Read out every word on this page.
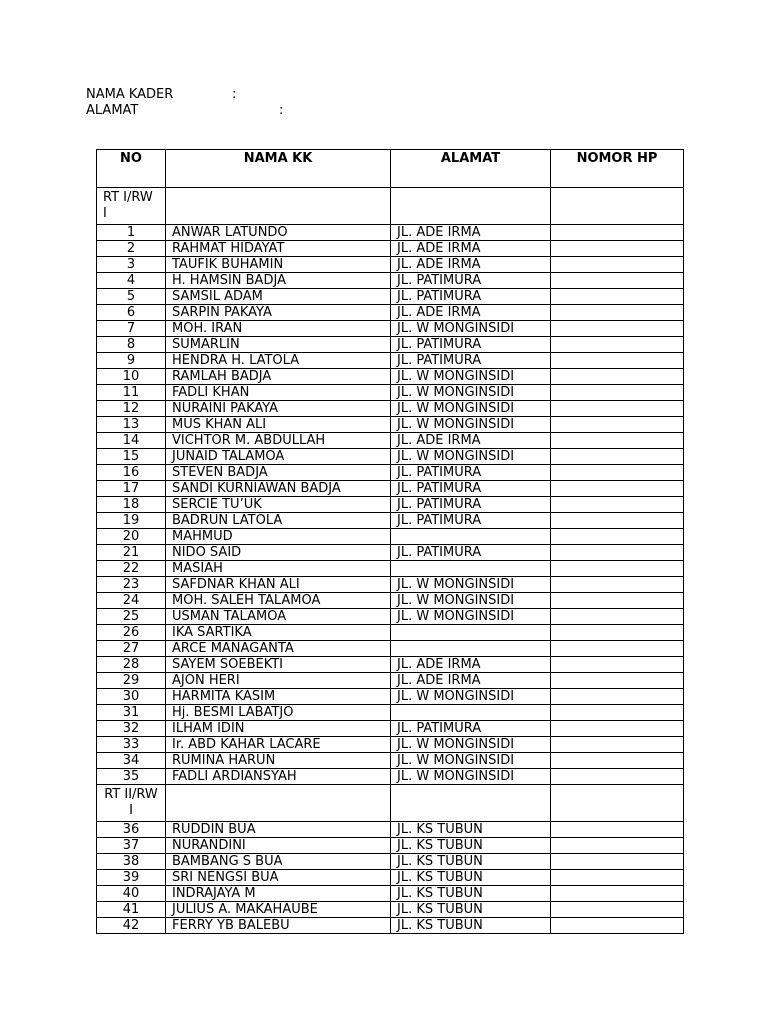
NAMA KADER	:
ALAMAT	:
NO	NAMA KK	ALAMAT	NOMOR HP
RT I/RW I			
1	ANWAR LATUNDO	JL. ADE IRMA	
2	RAHMAT HIDAYAT	JL. ADE IRMA	
3	TAUFIK BUHAMIN	JL. ADE IRMA	
4	H. HAMSIN BADJA	JL. PATIMURA	
5	SAMSIL ADAM	JL. PATIMURA	
6	SARPIN PAKAYA	JL. ADE IRMA	
7	MOH. IRAN	JL. W MONGINSIDI	
8	SUMARLIN	JL. PATIMURA	
9	HENDRA H. LATOLA	JL. PATIMURA	
10	RAMLAH BADJA	JL. W MONGINSIDI	
11	FADLI KHAN	JL. W MONGINSIDI	
12	NURAINI PAKAYA	JL. W MONGINSIDI	
13	MUS KHAN ALI	JL. W MONGINSIDI	
14	VICHTOR M. ABDULLAH	JL. ADE IRMA	
15	JUNAID TALAMOA	JL. W MONGINSIDI	
16	STEVEN BADJA	JL. PATIMURA	
17	SANDI KURNIAWAN BADJA	JL. PATIMURA	
18	SERCIE TU’UK	JL. PATIMURA	
19	BADRUN LATOLA	JL. PATIMURA	
20	MAHMUD		
21	NIDO SAID	JL. PATIMURA	
22	MASIAH		
23	SAFDNAR KHAN ALI	JL. W MONGINSIDI	
24	MOH. SALEH TALAMOA	JL. W MONGINSIDI	
25	USMAN TALAMOA	JL. W MONGINSIDI	
26	IKA SARTIKA		
27	ARCE MANAGANTA		
28	SAYEM SOEBEKTI	JL. ADE IRMA	
29	AJON HERI	JL. ADE IRMA	
30	HARMITA KASIM	JL. W MONGINSIDI	
31	Hj. BESMI LABATJO		
32	ILHAM IDIN	JL. PATIMURA	
33	Ir. ABD KAHAR LACARE	JL. W MONGINSIDI	
34	RUMINA HARUN	JL. W MONGINSIDI	
35	FADLI ARDIANSYAH	JL. W MONGINSIDI	
RT II/RW I			
36	RUDDIN BUA	JL. KS TUBUN	
37	NURANDINI	JL. KS TUBUN	
38	BAMBANG S BUA	JL. KS TUBUN	
39	SRI NENGSI BUA	JL. KS TUBUN	
40	INDRAJAYA M	JL. KS TUBUN	
41	JULIUS A. MAKAHAUBE	JL. KS TUBUN	
42	FERRY YB BALEBU	JL. KS TUBUN	
